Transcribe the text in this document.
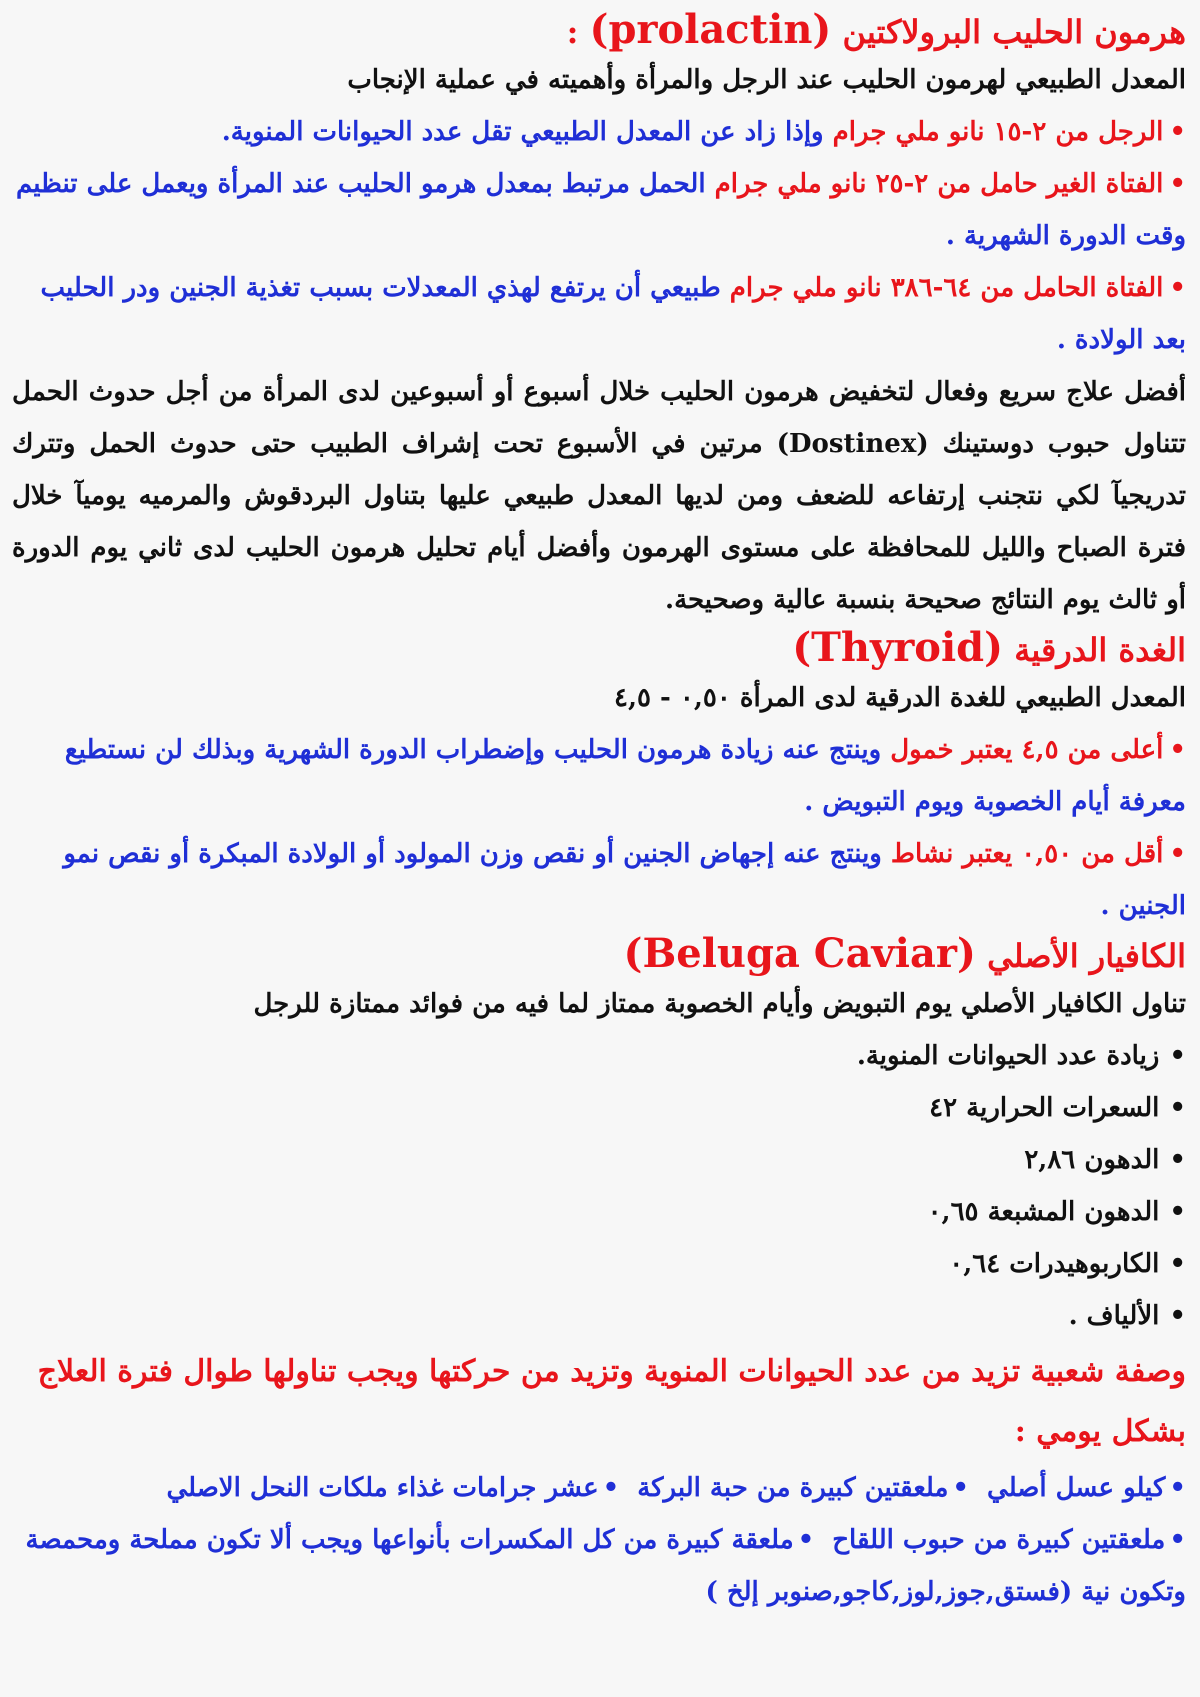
هرمون الحليب البرولاكتين (prolactin) :

المعدل الطبيعي لهرمون الحليب عند الرجل والمرأة وأهميته في عملية الإنجاب

•الرجل من ٢-١٥ نانو ملي جرام وإذا زاد عن المعدل الطبيعي تقل عدد الحيوانات المنوية.

•الفتاة الغير حامل من ٢-٢٥ نانو ملي جرام الحمل مرتبط بمعدل هرمو الحليب عند المرأة ويعمل على تنظيم وقت الدورة الشهرية .

•الفتاة الحامل من ٦٤-٣٨٦ نانو ملي جرام طبيعي أن يرتفع لهذي المعدلات بسبب تغذية الجنين ودر الحليب بعد الولادة .

أفضل علاج سريع وفعال لتخفيض هرمون الحليب خلال أسبوع أو أسبوعين لدى المرأة من أجل حدوث الحمل تتناول حبوب دوستينك (Dostinex) مرتين في الأسبوع تحت إشراف الطبيب حتى حدوث الحمل وتترك تدريجيآ لكي نتجنب إرتفاعه للضعف ومن لديها المعدل طبيعي عليها بتناول البردقوش والمرميه يوميآ خلال فترة الصباح والليل للمحافظة على مستوى الهرمون وأفضل أيام تحليل هرمون الحليب لدى ثاني يوم الدورة أو ثالث يوم النتائج صحيحة بنسبة عالية وصحيحة.

الغدة الدرقية (Thyroid)

المعدل الطبيعي للغدة الدرقية لدى المرأة ٠,٥٠ - ٤,٥

•أعلى من ٤,٥ يعتبر خمول وينتج عنه زيادة هرمون الحليب وإضطراب الدورة الشهرية وبذلك لن نستطيع معرفة أيام الخصوبة ويوم التبويض .

•أقل من ٠,٥٠ يعتبر نشاط وينتج عنه إجهاض الجنين أو نقص وزن المولود أو الولادة المبكرة أو نقص نمو الجنين .

الكافيار الأصلي (Beluga Caviar)

تناول الكافيار الأصلي يوم التبويض وأيام الخصوبة ممتاز لما فيه من فوائد ممتازة للرجل

•زيادة عدد الحيوانات المنوية.
•السعرات الحرارية ٤٢
•الدهون ٢,٨٦
•الدهون المشبعة ٠,٦٥
•الكاربوهيدرات ٠,٦٤
•الألياف .

وصفة شعبية تزيد من عدد الحيوانات المنوية وتزيد من حركتها ويجب تناولها طوال فترة العلاج بشكل يومي :

•كيلو عسل أصلي•ملعقتين كبيرة من حبة البركة•عشر جرامات غذاء ملكات النحل الاصلي

•ملعقتين كبيرة من حبوب اللقاح•ملعقة كبيرة من كل المكسرات بأنواعها ويجب ألا تكون مملحة ومحمصة وتكون نية (فستق,جوز,لوز,كاجو,صنوبر إلخ )
